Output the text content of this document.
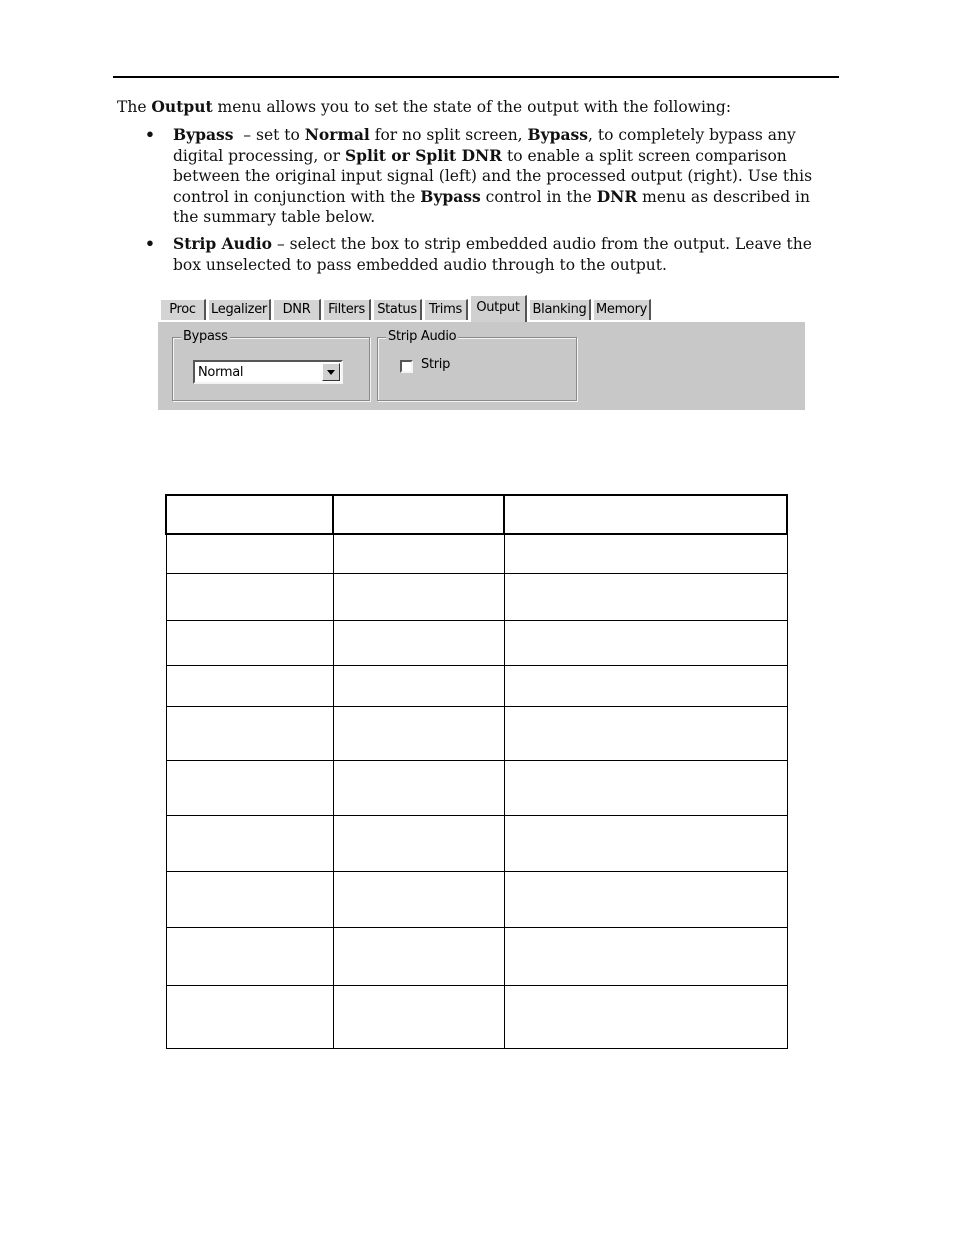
The Output menu allows you to set the state of the output with the following:

• Bypass  – set to Normal for no split screen, Bypass, to completely bypass any digital processing, or Split or Split DNR to enable a split screen comparison between the original input signal (left) and the processed output (right). Use this control in conjunction with the Bypass control in the DNR menu as described in the summary table below.
• Strip Audio – select the box to strip embedded audio from the output. Leave the box unselected to pass embedded audio through to the output.
Proc	Legalizer	DNR	Filters Status Trims	Output Blanking Memory
Bypass
Normal
Strip Audio
Strip
